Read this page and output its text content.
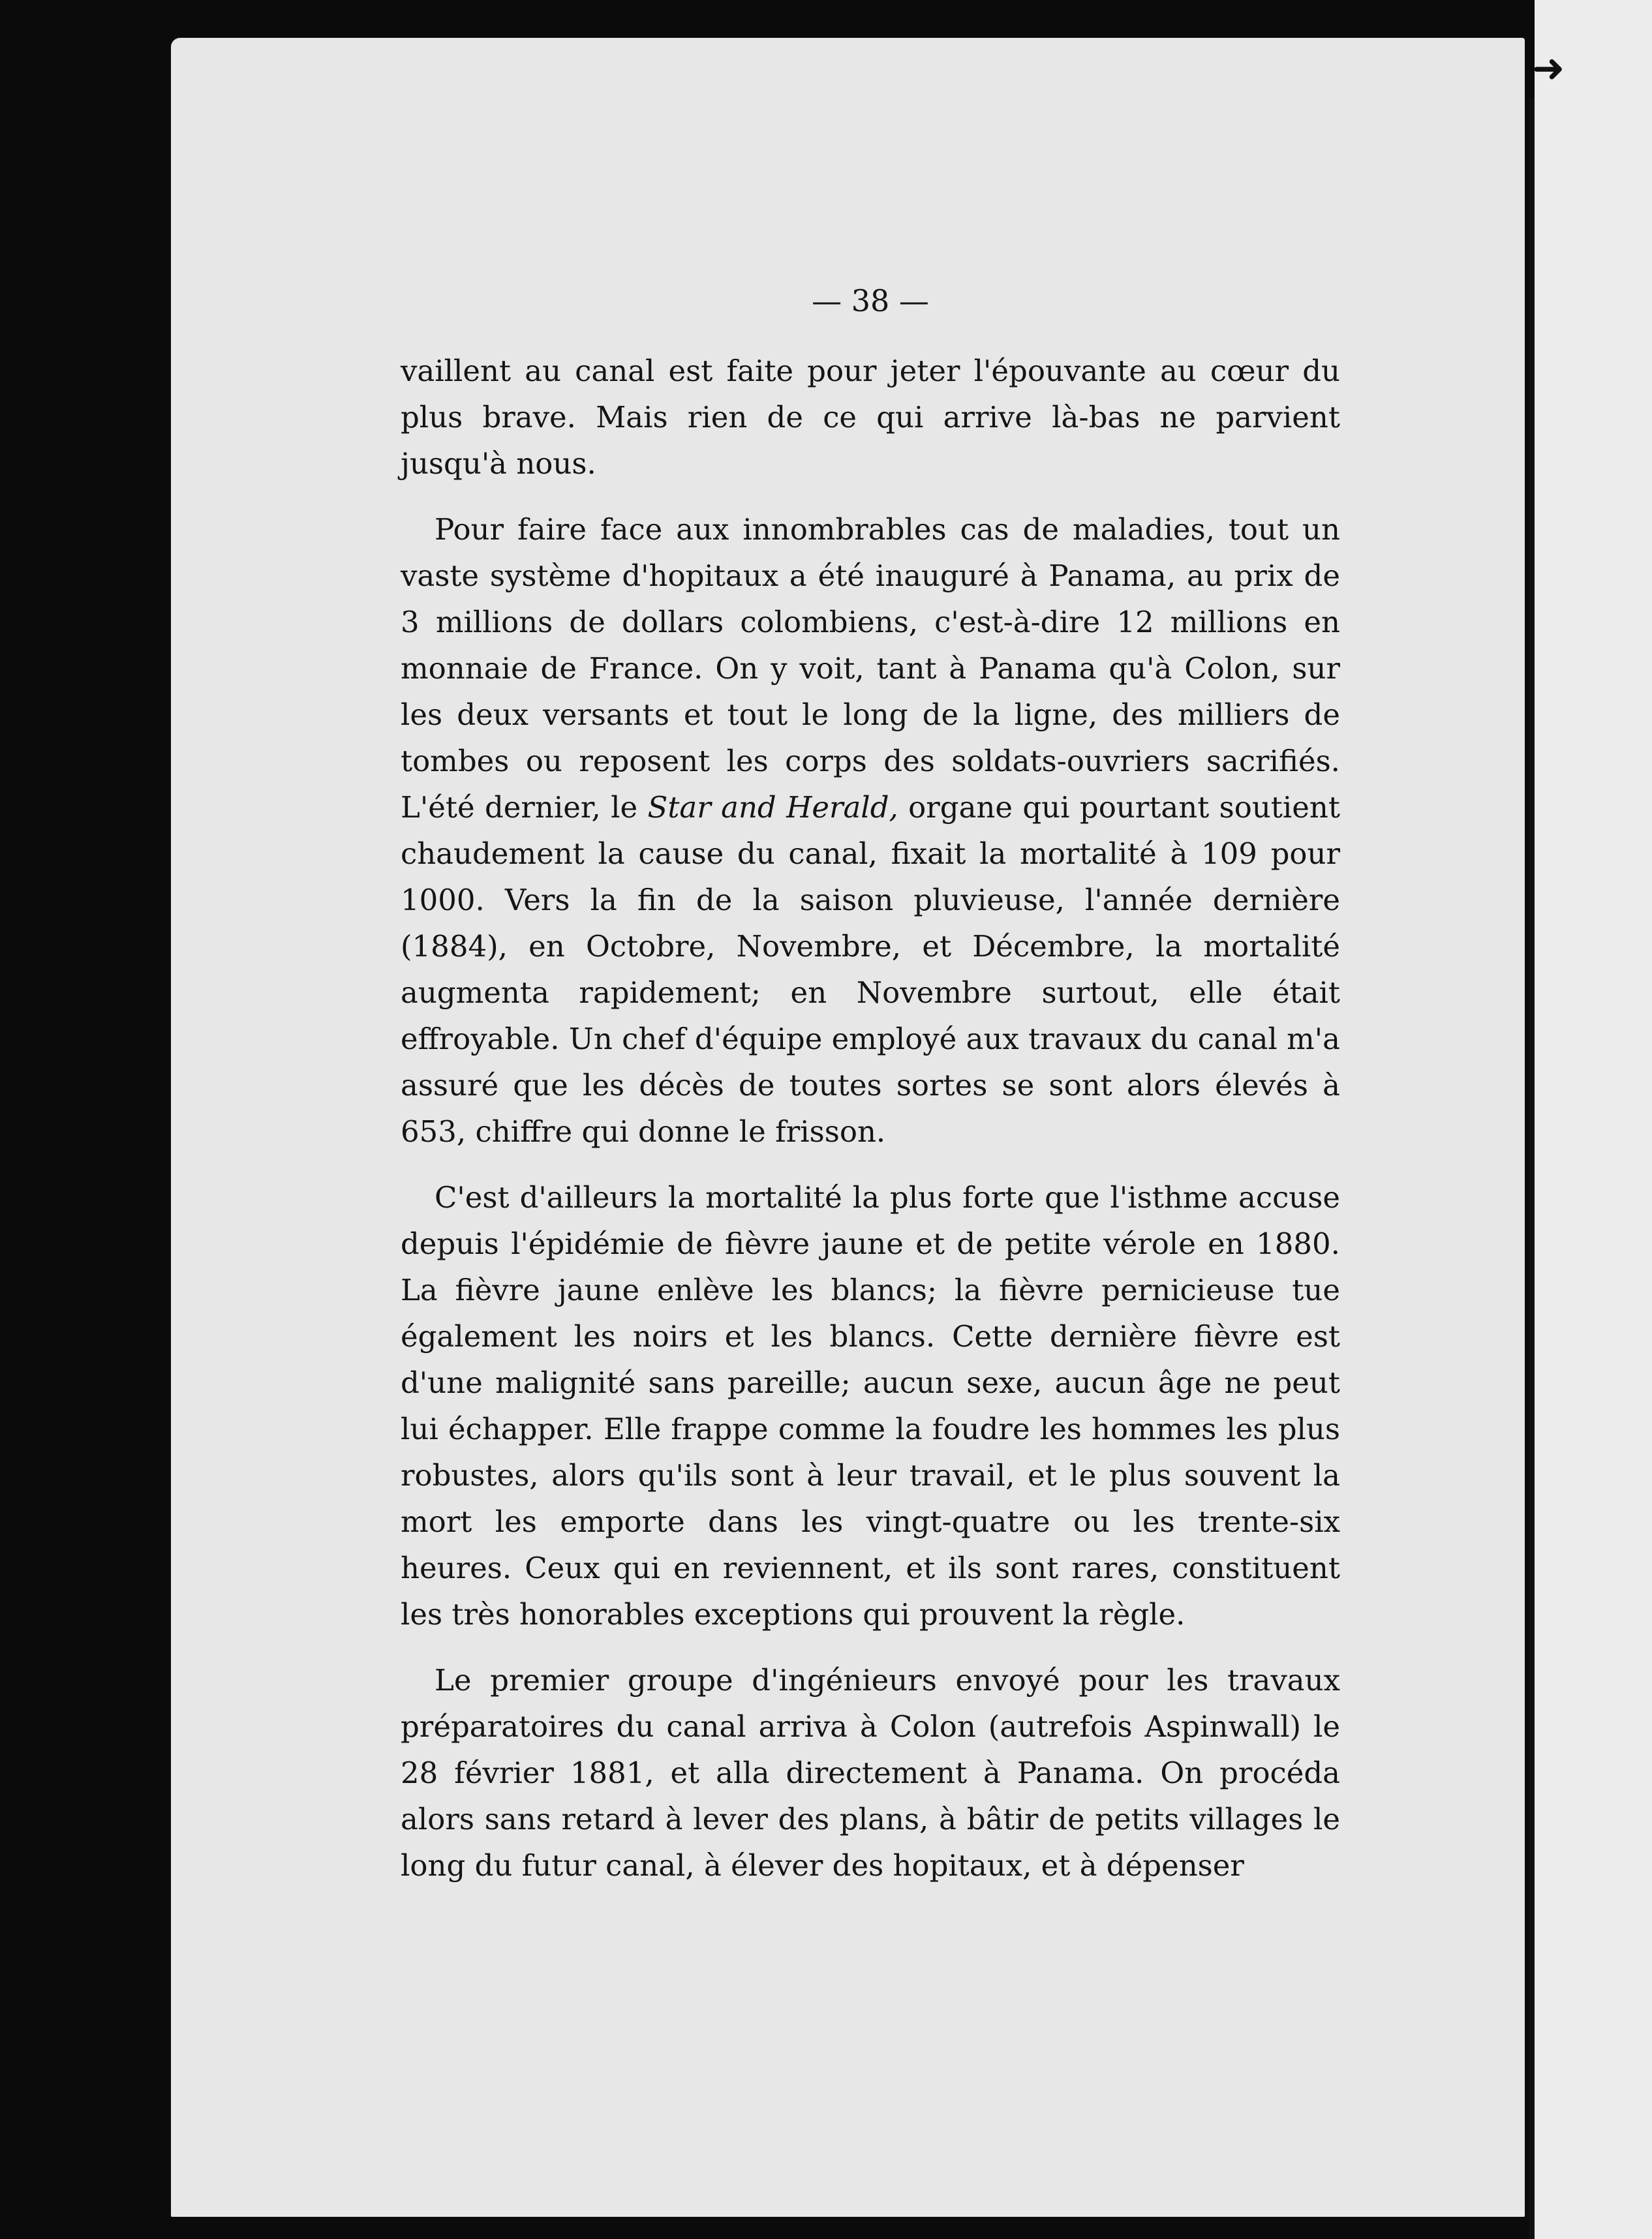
➜
— 38 —

vaillent au canal est faite pour jeter l'épouvante au cœur du plus brave. Mais rien de ce qui arrive là-bas ne parvient jusqu'à nous.

Pour faire face aux innombrables cas de maladies, tout un vaste système d'hopitaux a été inauguré à Panama, au prix de 3 millions de dollars colombiens, c'est-à-dire 12 millions en monnaie de France. On y voit, tant à Panama qu'à Colon, sur les deux versants et tout le long de la ligne, des milliers de tombes ou reposent les corps des soldats-ouvriers sacrifiés. L'été dernier, le Star and Herald, organe qui pourtant soutient chaudement la cause du canal, fixait la mortalité à 109 pour 1000. Vers la fin de la saison pluvieuse, l'année dernière (1884), en Octobre, Novembre, et Décembre, la mortalité augmenta rapidement; en Novembre surtout, elle était effroyable. Un chef d'équipe employé aux travaux du canal m'a assuré que les décès de toutes sortes se sont alors élevés à 653, chiffre qui donne le frisson.

C'est d'ailleurs la mortalité la plus forte que l'isthme accuse depuis l'épidémie de fièvre jaune et de petite vérole en 1880. La fièvre jaune enlève les blancs; la fièvre pernicieuse tue également les noirs et les blancs. Cette dernière fièvre est d'une malignité sans pareille; aucun sexe, aucun âge ne peut lui échapper. Elle frappe comme la foudre les hommes les plus robustes, alors qu'ils sont à leur travail, et le plus souvent la mort les emporte dans les vingt-quatre ou les trente-six heures. Ceux qui en reviennent, et ils sont rares, constituent les très honorables exceptions qui prouvent la règle.

Le premier groupe d'ingénieurs envoyé pour les travaux préparatoires du canal arriva à Colon (autrefois Aspinwall) le 28 février 1881, et alla directement à Panama. On procéda alors sans retard à lever des plans, à bâtir de petits villages le long du futur canal, à élever des hopitaux, et à dépenser
